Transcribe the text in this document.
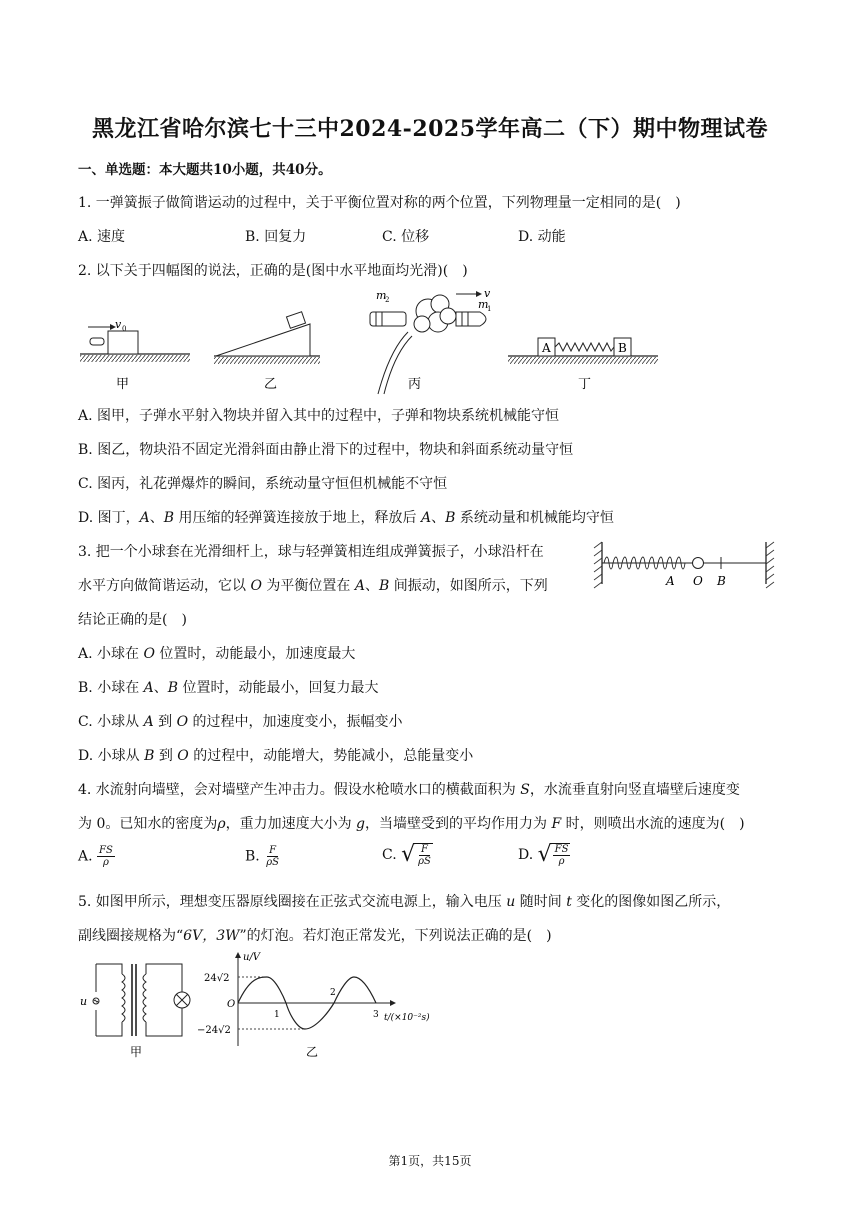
黑龙江省哈尔滨七十三中2024-2025学年高二（下）期中物理试卷
一、单选题：本大题共10小题，共40分。
1. 一弹簧振子做简谐运动的过程中，关于平衡位置对称的两个位置，下列物理量一定相同的是(　)
A. 速度	B. 回复力	C. 位移	D. 动能
2. 以下关于四幅图的说法，正确的是(图中水平地面均光滑)(　)
v 0
甲	乙
v
m
2	m
1
丙
A	B
丁
A. 图甲，子弹水平射入物块并留入其中的过程中，子弹和物块系统机械能守恒
B. 图乙，物块沿不固定光滑斜面由静止滑下的过程中，物块和斜面系统动量守恒
C. 图丙，礼花弹爆炸的瞬间，系统动量守恒但机械能不守恒
D. 图丁，A、B 用压缩的轻弹簧连接放于地上，释放后 A、B 系统动量和机械能均守恒
3. 把一个小球套在光滑细杆上，球与轻弹簧相连组成弹簧振子，小球沿杆在
水平方向做简谐运动，它以 O 为平衡位置在 A、B 间振动，如图所示，下列
结论正确的是(　)
A O B
A. 小球在 O 位置时，动能最小，加速度最大
B. 小球在 A、B 位置时，动能最小，回复力最大
C. 小球从 A 到 O 的过程中，加速度变小，振幅变小
D. 小球从 B 到 O 的过程中，动能增大，势能减小，总能量变小
4. 水流射向墙壁，会对墙壁产生冲击力。假设水枪喷水口的横截面积为 S，水流垂直射向竖直墙壁后速度变
为 0。已知水的密度为ρ，重力加速度大小为 g，当墙壁受到的平均作用力为 F 时，则喷出水流的速度为(　)
A. $\frac{FS}{\rho}$	B. $\frac{F}{\rho S}$	C. √ $\frac{F}{\rho S}$	D. √ $\frac{FS}{\rho}$
5. 如图甲所示，理想变压器原线圈接在正弦式交流电源上，输入电压 u 随时间 t 变化的图像如图乙所示，
副线圈接规格为“6V，3W”的灯泡。若灯泡正常发光，下列说法正确的是(　)
u
甲
u/V
24√2
−24√2
O
1
2
3 t/(×10⁻²s)
乙
第1页，共15页
